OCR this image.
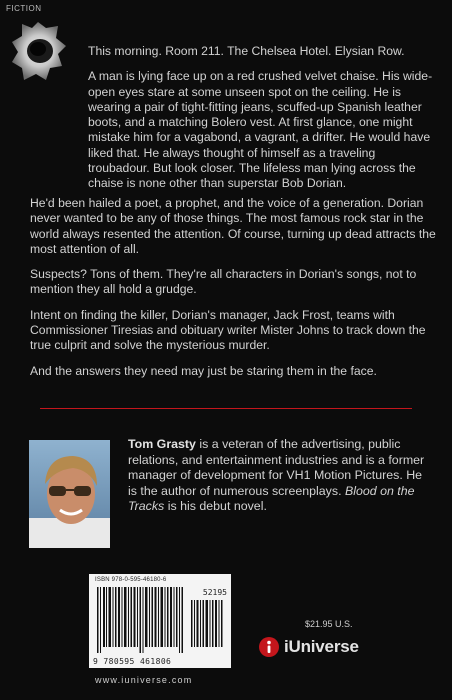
FICTION

This morning. Room 211. The Chelsea Hotel. Elysian Row.

A man is lying face up on a red crushed velvet chaise. His wide-open eyes stare at some unseen spot on the ceiling. He is wearing a pair of tight-fitting jeans, scuffed-up Spanish leather boots, and a matching Bolero vest. At first glance, one might mistake him for a vagabond, a vagrant, a drifter. He would have liked that. He always thought of himself as a traveling troubadour. But look closer. The lifeless man lying across the chaise is none other than superstar Bob Dorian.

He'd been hailed a poet, a prophet, and the voice of a generation. Dorian never wanted to be any of those things. The most famous rock star in the world always resented the attention. Of course, turning up dead attracts the most attention of all.

Suspects? Tons of them. They're all characters in Dorian's songs, not to mention they all hold a grudge.

Intent on finding the killer, Dorian's manager, Jack Frost, teams with Commissioner Tiresias and obituary writer Mister Johns to track down the true culprit and solve the mysterious murder.

And the answers they need may just be staring them in the face.

Tom Grasty is a veteran of the advertising, public relations, and entertainment industries and is a former manager of development for VH1 Motion Pictures. He is the author of numerous screenplays. Blood on the Tracks is his debut novel.
ISBN 978-0-595-46180-6
52195
9 780595 461806
www.iuniverse.com
$21.95 U.S.
iUniverse
